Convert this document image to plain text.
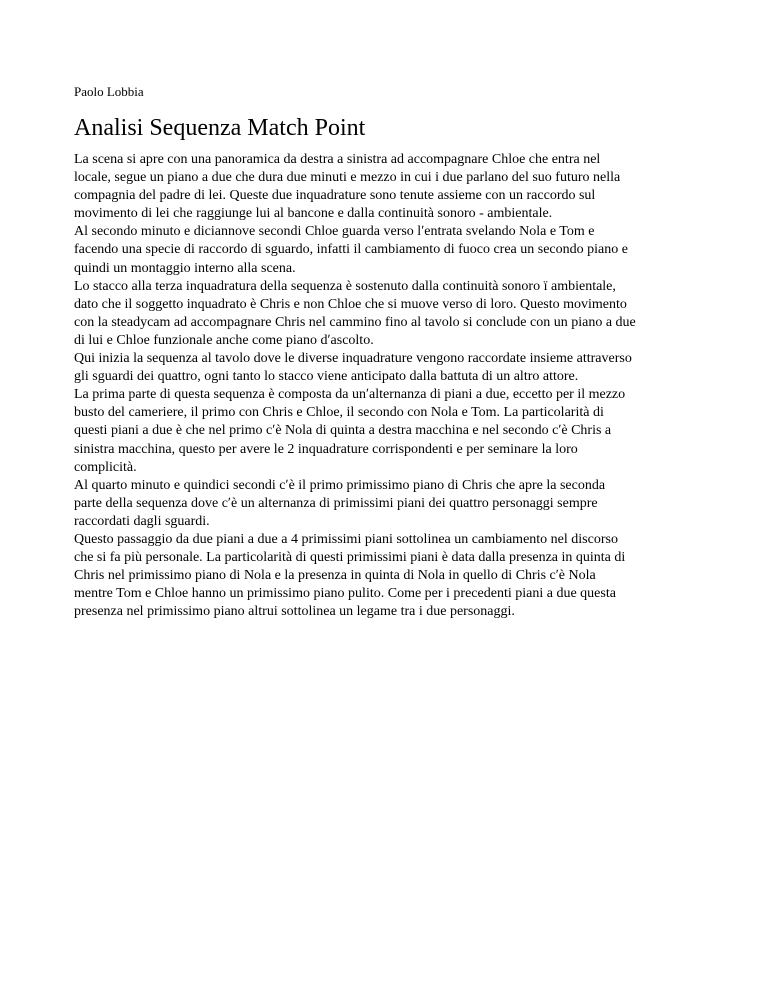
Paolo Lobbia
Analisi Sequenza Match Point
La scena si apre con una panoramica da destra a sinistra ad accompagnare Chloe che entra nel
locale, segue un piano a due che dura due minuti e mezzo in cui i due parlano del suo futuro nella
compagnia del padre di lei. Queste due inquadrature sono tenute assieme con un raccordo sul
movimento di lei che raggiunge lui al bancone e dalla continuità sonoro - ambientale.
Al secondo minuto e diciannove secondi Chloe guarda verso lʹentrata svelando Nola e Tom e
facendo una specie di raccordo di sguardo, infatti il cambiamento di fuoco crea un secondo piano e
quindi un montaggio interno alla scena.
Lo stacco alla terza inquadratura della sequenza è sostenuto dalla continuità sonoro ï ambientale,
dato che il soggetto inquadrato è Chris e non Chloe che si muove verso di loro. Questo movimento
con la steadycam ad accompagnare Chris nel cammino fino al tavolo si conclude con un piano a due
di lui e Chloe funzionale anche come piano dʹascolto.
Qui inizia la sequenza al tavolo dove le diverse inquadrature vengono raccordate insieme attraverso
gli sguardi dei quattro, ogni tanto lo stacco viene anticipato dalla battuta di un altro attore.
La prima parte di questa sequenza è composta da unʹalternanza di piani a due, eccetto per il mezzo
busto del cameriere, il primo con Chris e Chloe, il secondo con Nola e Tom. La particolarità di
questi piani a due è che nel primo cʹè Nola di quinta a destra macchina e nel secondo cʹè Chris a
sinistra macchina, questo per avere le 2 inquadrature corrispondenti e per seminare la loro
complicità.
Al quarto minuto e quindici secondi cʹè il primo primissimo piano di Chris che apre la seconda
parte della sequenza dove cʹè un alternanza di primissimi piani dei quattro personaggi sempre
raccordati dagli sguardi.
Questo passaggio da due piani a due a 4 primissimi piani sottolinea un cambiamento nel discorso
che si fa più personale. La particolarità di questi primissimi piani è data dalla presenza in quinta di
Chris nel primissimo piano di Nola e la presenza in quinta di Nola in quello di Chris cʹè Nola
mentre Tom e Chloe hanno un primissimo piano pulito. Come per i precedenti piani a due questa
presenza nel primissimo piano altrui sottolinea un legame tra i due personaggi.
